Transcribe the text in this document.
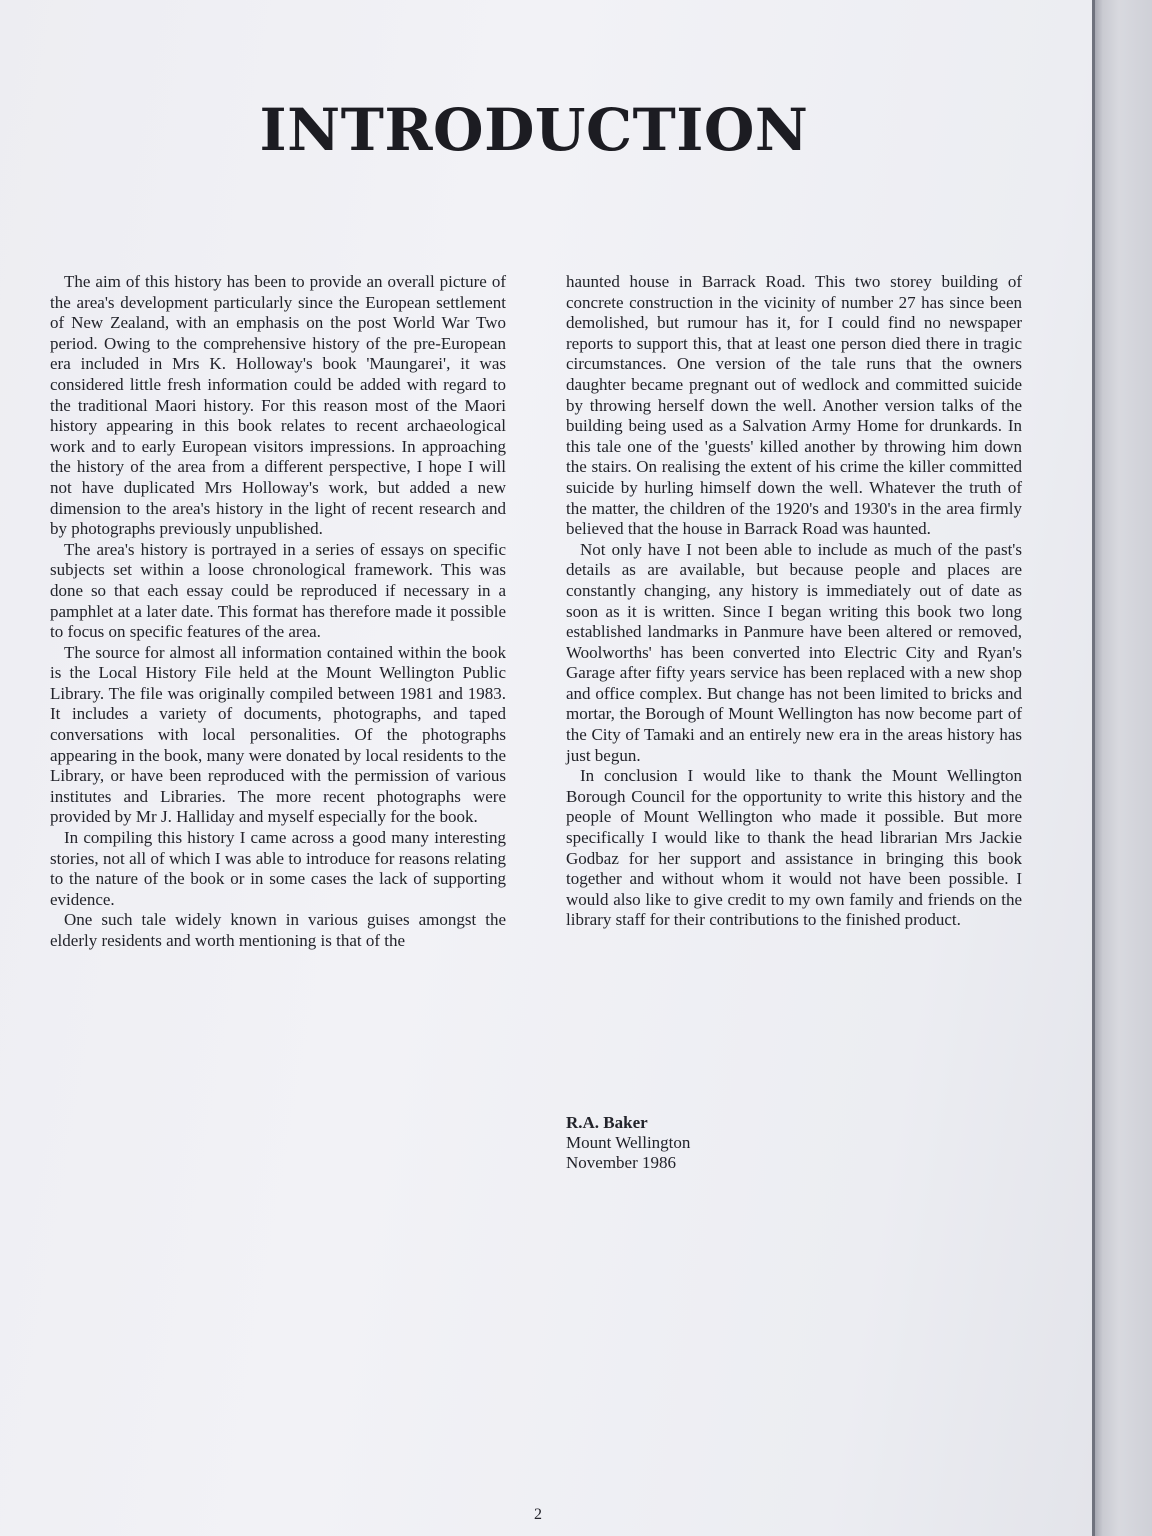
INTRODUCTION

The aim of this history has been to provide an overall picture of the area's development particularly since the European settlement of New Zealand, with an emphasis on the post World War Two period. Owing to the comprehensive history of the pre-European era included in Mrs K. Holloway's book 'Maungarei', it was considered little fresh information could be added with regard to the traditional Maori history. For this reason most of the Maori history appearing in this book relates to recent archaeological work and to early European visitors impressions. In approaching the history of the area from a different perspective, I hope I will not have duplicated Mrs Holloway's work, but added a new dimension to the area's history in the light of recent research and by photographs previously unpublished.

The area's history is portrayed in a series of essays on specific subjects set within a loose chronological framework. This was done so that each essay could be reproduced if necessary in a pamphlet at a later date. This format has therefore made it possible to focus on specific features of the area.

The source for almost all information contained within the book is the Local History File held at the Mount Wellington Public Library. The file was originally compiled between 1981 and 1983. It includes a variety of documents, photographs, and taped conversations with local personalities. Of the photographs appearing in the book, many were donated by local residents to the Library, or have been reproduced with the permission of various institutes and Libraries. The more recent photographs were provided by Mr J. Halliday and myself especially for the book.

In compiling this history I came across a good many interesting stories, not all of which I was able to introduce for reasons relating to the nature of the book or in some cases the lack of supporting evidence.

One such tale widely known in various guises amongst the elderly residents and worth mentioning is that of the

haunted house in Barrack Road. This two storey building of concrete construction in the vicinity of number 27 has since been demolished, but rumour has it, for I could find no newspaper reports to support this, that at least one person died there in tragic circumstances. One version of the tale runs that the owners daughter became pregnant out of wedlock and committed suicide by throwing herself down the well. Another version talks of the building being used as a Salvation Army Home for drunkards. In this tale one of the 'guests' killed another by throwing him down the stairs. On realising the extent of his crime the killer committed suicide by hurling himself down the well. Whatever the truth of the matter, the children of the 1920's and 1930's in the area firmly believed that the house in Barrack Road was haunted.

Not only have I not been able to include as much of the past's details as are available, but because people and places are constantly changing, any history is immediately out of date as soon as it is written. Since I began writing this book two long established landmarks in Panmure have been altered or removed, Woolworths' has been converted into Electric City and Ryan's Garage after fifty years service has been replaced with a new shop and office complex. But change has not been limited to bricks and mortar, the Borough of Mount Wellington has now become part of the City of Tamaki and an entirely new era in the areas history has just begun.

In conclusion I would like to thank the Mount Wellington Borough Council for the opportunity to write this history and the people of Mount Wellington who made it possible. But more specifically I would like to thank the head librarian Mrs Jackie Godbaz for her support and assistance in bringing this book together and without whom it would not have been possible. I would also like to give credit to my own family and friends on the library staff for their contributions to the finished product.

R.A. Baker
Mount Wellington
November 1986
2
